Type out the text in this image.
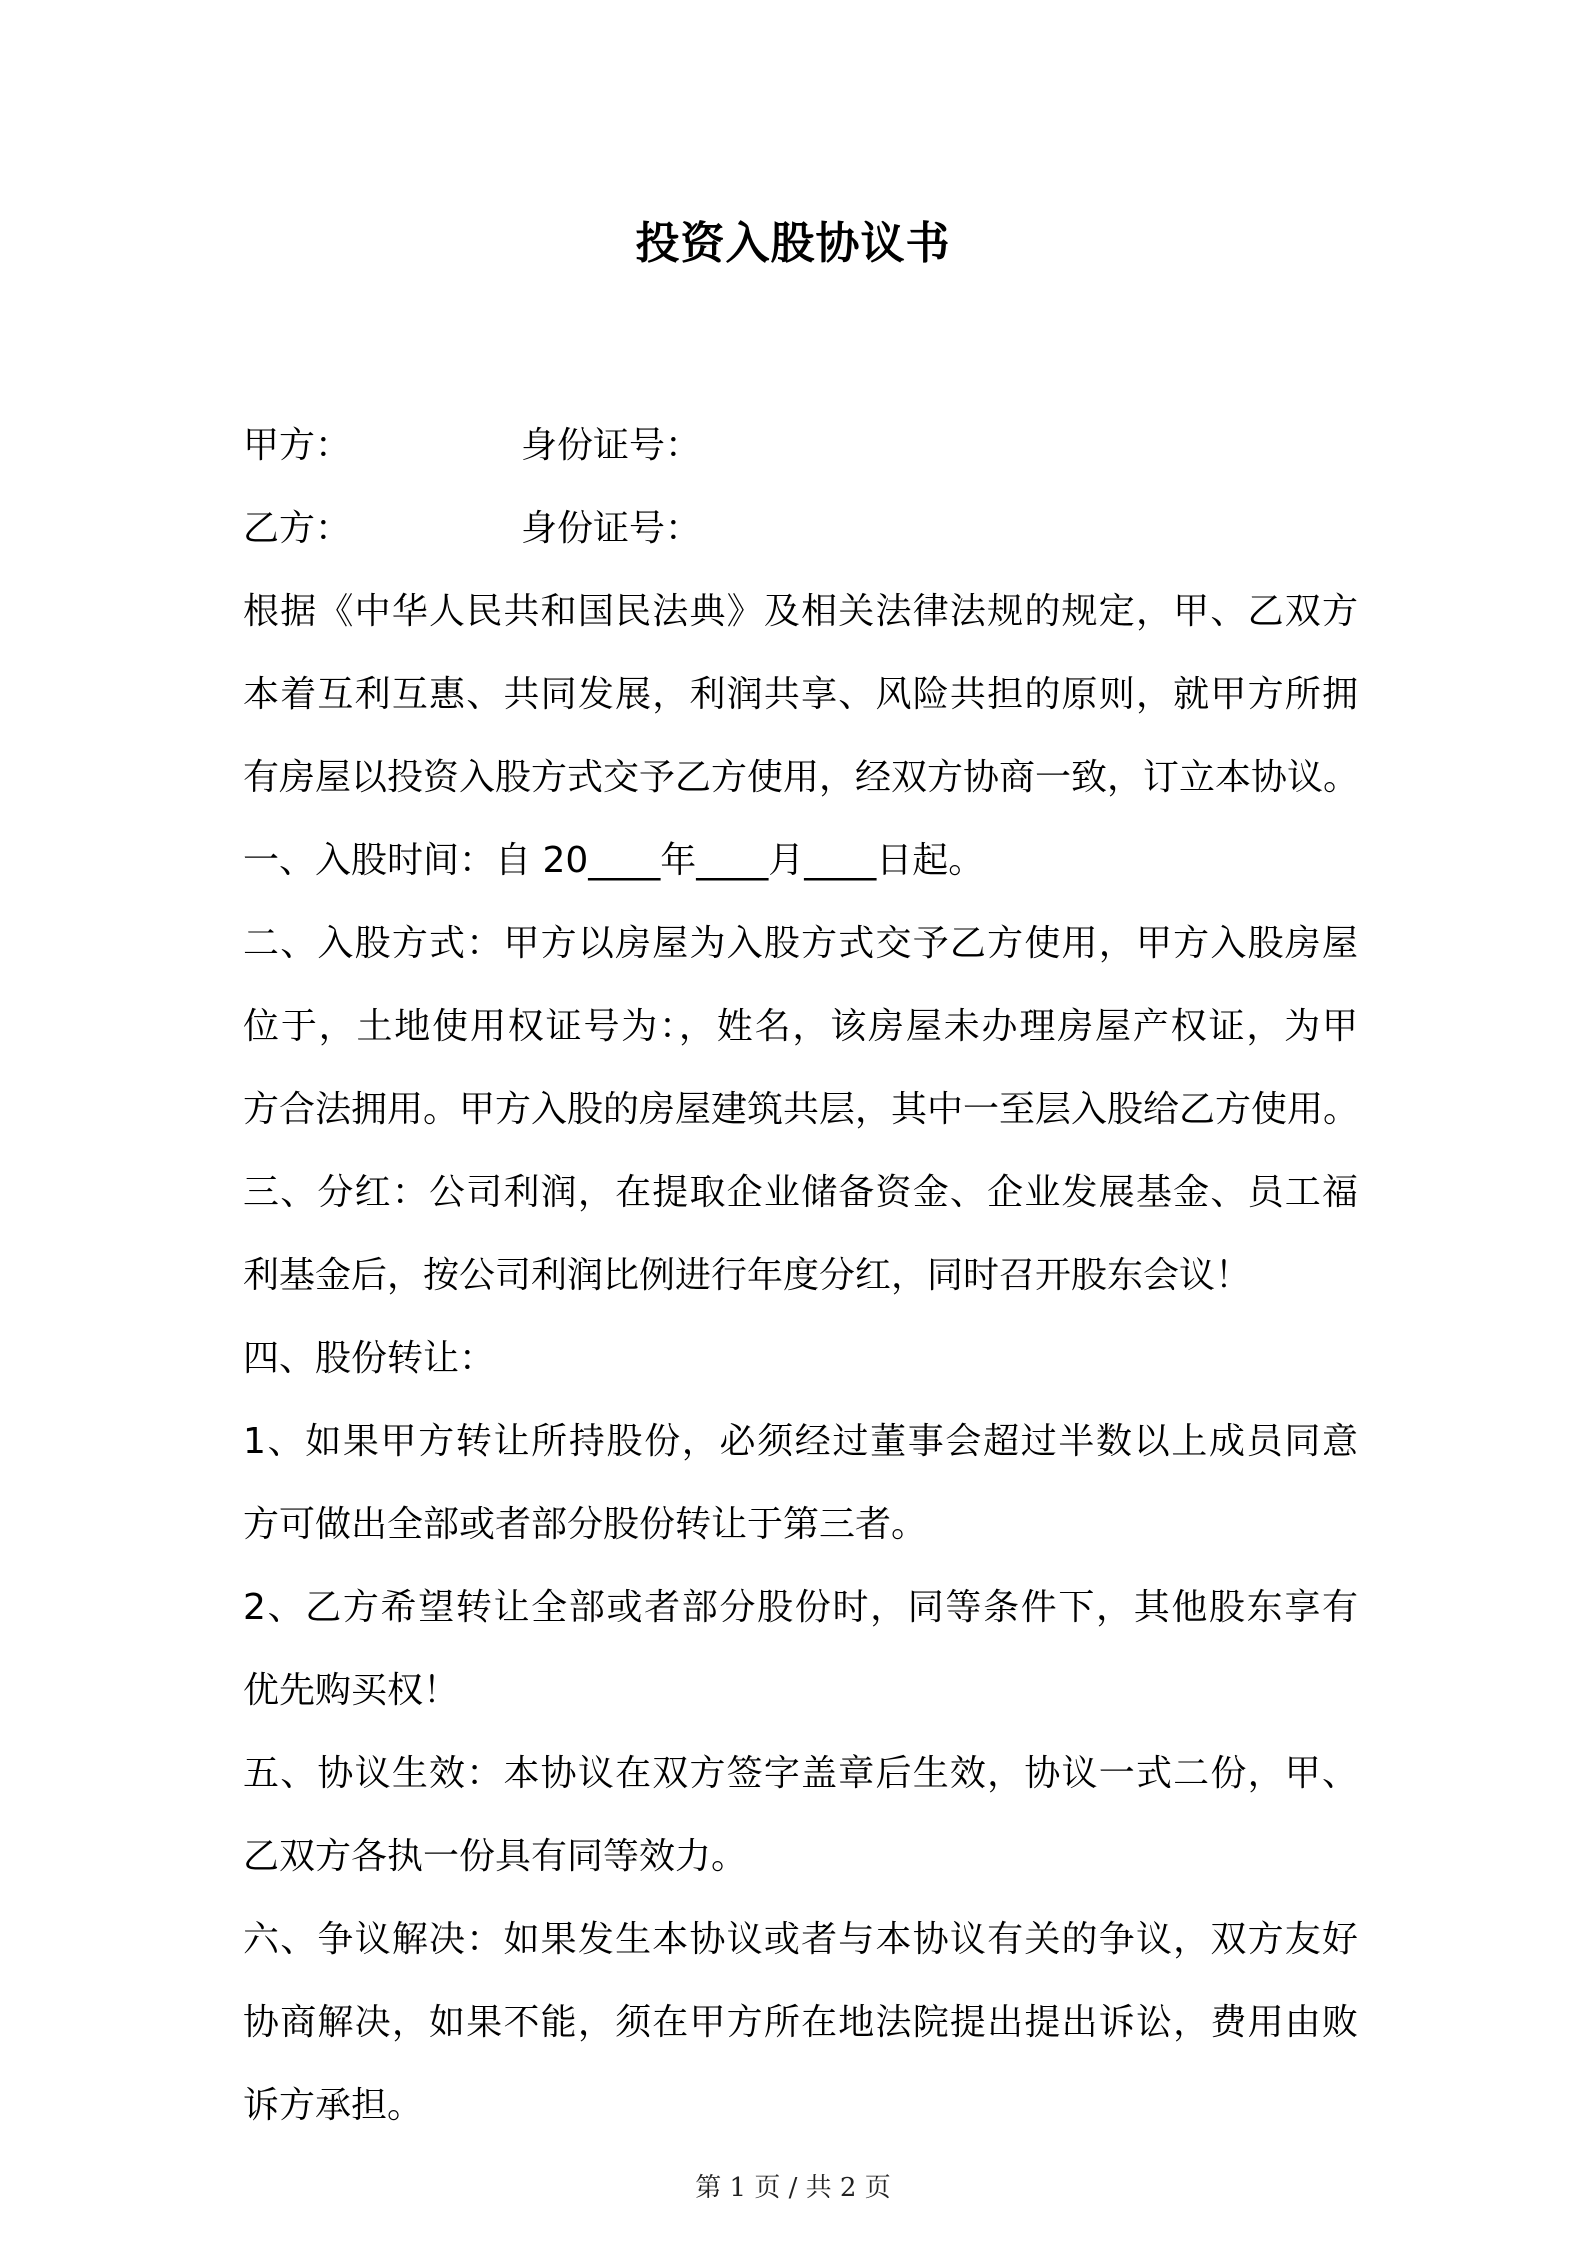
投资入股协议书
甲方：	身份证号：
乙方：	身份证号：
根据《中华人民共和国民法典》及相关法律法规的规定，甲、乙双方
本着互利互惠、共同发展，利润共享、风险共担的原则，就甲方所拥
有房屋以投资入股方式交予乙方使用，经双方协商一致，订立本协议。
一、入股时间：自 20____年____月____日起。
二、入股方式：甲方以房屋为入股方式交予乙方使用，甲方入股房屋
位于，土地使用权证号为：，姓名，该房屋未办理房屋产权证，为甲
方合法拥用。甲方入股的房屋建筑共层，其中一至层入股给乙方使用。
三、分红：公司利润，在提取企业储备资金、企业发展基金、员工福
利基金后，按公司利润比例进行年度分红，同时召开股东会议！
四、股份转让：
1、如果甲方转让所持股份，必须经过董事会超过半数以上成员同意
方可做出全部或者部分股份转让于第三者。
2、乙方希望转让全部或者部分股份时，同等条件下，其他股东享有
优先购买权！
五、协议生效：本协议在双方签字盖章后生效，协议一式二份，甲、
乙双方各执一份具有同等效力。
六、争议解决：如果发生本协议或者与本协议有关的争议，双方友好
协商解决，如果不能，须在甲方所在地法院提出提出诉讼，费用由败
诉方承担。
第 1 页 / 共 2 页
